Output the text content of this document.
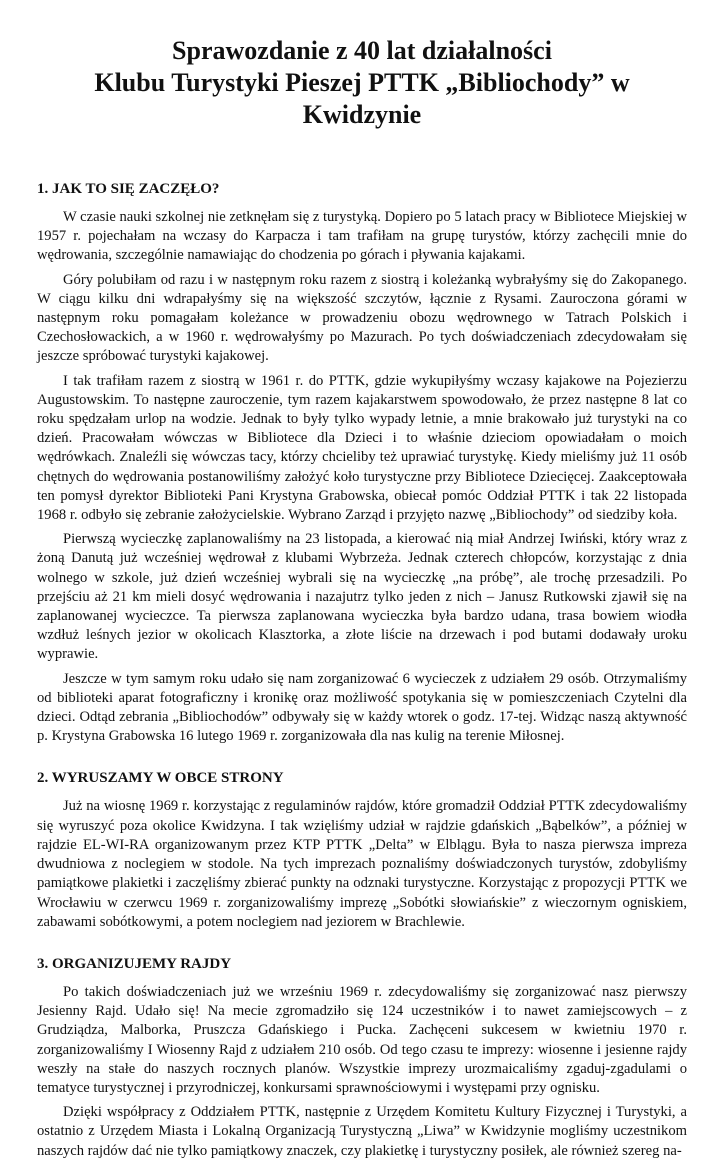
Sprawozdanie z 40 lat działalności

Klubu Turystyki Pieszej PTTK „Bibliochody” w Kwidzynie

1. JAK TO SIĘ ZACZĘŁO?

W czasie nauki szkolnej nie zetknęłam się z turystyką. Dopiero po 5 latach pracy w Bibliotece Miejskiej w 1957 r. pojechałam na wczasy do Karpacza i tam trafiłam na grupę turystów, którzy zachęcili mnie do wędrowania, szczególnie namawiając do chodzenia po górach i pływania kajakami.

Góry polubiłam od razu i w następnym roku razem z siostrą i koleżanką wybrałyśmy się do Zakopanego. W ciągu kilku dni wdrapałyśmy się na większość szczytów, łącznie z Rysami. Zauroczona górami w następnym roku pomagałam koleżance w prowadzeniu obozu wędrownego w Tatrach Polskich i Czechosłowackich, a w 1960 r. wędrowałyśmy po Mazurach. Po tych doświadczeniach zdecydowałam się jeszcze spróbować turystyki kajakowej.

I tak trafiłam razem z siostrą w 1961 r. do PTTK, gdzie wykupiłyśmy wczasy kajakowe na Pojezierzu Augustowskim. To następne zauroczenie, tym razem kajakarstwem spowodowało, że przez następne 8 lat co roku spędzałam urlop na wodzie. Jednak to były tylko wypady letnie, a mnie brakowało już turystyki na co dzień. Pracowałam wówczas w Bibliotece dla Dzieci i to właśnie dzieciom opowiadałam o moich wędrówkach. Znaleźli się wówczas tacy, którzy chcieliby też uprawiać turystykę. Kiedy mieliśmy już 11 osób chętnych do wędrowania postanowiliśmy założyć koło turystyczne przy Bibliotece Dziecięcej. Zaakceptowała ten pomysł dyrektor Biblioteki Pani Krystyna Grabowska, obiecał pomóc Oddział PTTK i tak 22 listopada 1968 r. odbyło się zebranie założycielskie. Wybrano Zarząd i przyjęto nazwę „Bibliochody” od siedziby koła.

Pierwszą wycieczkę zaplanowaliśmy na 23 listopada, a kierować nią miał Andrzej Iwiński, który wraz z żoną Danutą już wcześniej wędrował z klubami Wybrzeża. Jednak czterech chłopców, korzystając z dnia wolnego w szkole, już dzień wcześniej wybrali się na wycieczkę „na próbę”, ale trochę przesadzili. Po przejściu aż 21 km mieli dosyć wędrowania i nazajutrz tylko jeden z nich – Janusz Rutkowski zjawił się na zaplanowanej wycieczce. Ta pierwsza zaplanowana wycieczka była bardzo udana, trasa bowiem wiodła wzdłuż leśnych jezior w okolicach Klasztorka, a złote liście na drzewach i pod butami dodawały uroku wyprawie.

Jeszcze w tym samym roku udało się nam zorganizować 6 wycieczek z udziałem 29 osób. Otrzymaliśmy od biblioteki aparat fotograficzny i kronikę oraz możliwość spotykania się w pomieszczeniach Czytelni dla dzieci. Odtąd zebrania „Bibliochodów” odbywały się w każdy wtorek o godz. 17-tej. Widząc naszą aktywność p. Krystyna Grabowska 16 lutego 1969 r. zorganizowała dla nas kulig na terenie Miłosnej.

2. WYRUSZAMY W OBCE STRONY

Już na wiosnę 1969 r. korzystając z regulaminów rajdów, które gromadził Oddział PTTK zdecydowaliśmy się wyruszyć poza okolice Kwidzyna. I tak wzięliśmy udział w rajdzie gdańskich „Bąbelków”, a później w rajdzie EL-WI-RA organizowanym przez KTP PTTK „Delta” w Elblągu. Była to nasza pierwsza impreza dwudniowa z noclegiem w stodole. Na tych imprezach poznaliśmy doświadczonych turystów, zdobyliśmy pamiątkowe plakietki i zaczęliśmy zbierać punkty na odznaki turystyczne. Korzystając z propozycji PTTK we Wrocławiu w czerwcu 1969 r. zorganizowaliśmy imprezę „Sobótki słowiańskie” z wieczornym ogniskiem, zabawami sobótkowymi, a potem noclegiem nad jeziorem w Brachlewie.

3. ORGANIZUJEMY RAJDY

Po takich doświadczeniach już we wrześniu 1969 r. zdecydowaliśmy się zorganizować nasz pierwszy Jesienny Rajd. Udało się! Na mecie zgromadziło się 124 uczestników i to nawet zamiejscowych – z Grudziądza, Malborka, Pruszcza Gdańskiego i Pucka. Zachęceni sukcesem w kwietniu 1970 r. zorganizowaliśmy I Wiosenny Rajd z udziałem 210 osób. Od tego czasu te imprezy: wiosenne i jesienne rajdy weszły na stałe do naszych rocznych planów. Wszystkie imprezy urozmaicaliśmy zgaduj-zgadulami o tematyce turystycznej i przyrodniczej, konkursami sprawnościowymi i występami przy ognisku.

Dzięki współpracy z Oddziałem PTTK, następnie z Urzędem Komitetu Kultury Fizycznej i Turystyki, a ostatnio z Urzędem Miasta i Lokalną Organizacją Turystyczną „Liwa” w Kwidzynie mogliśmy uczestnikom naszych rajdów dać nie tylko pamiątkowy znaczek, czy plakietkę i turystyczny posiłek, ale również szereg na-
